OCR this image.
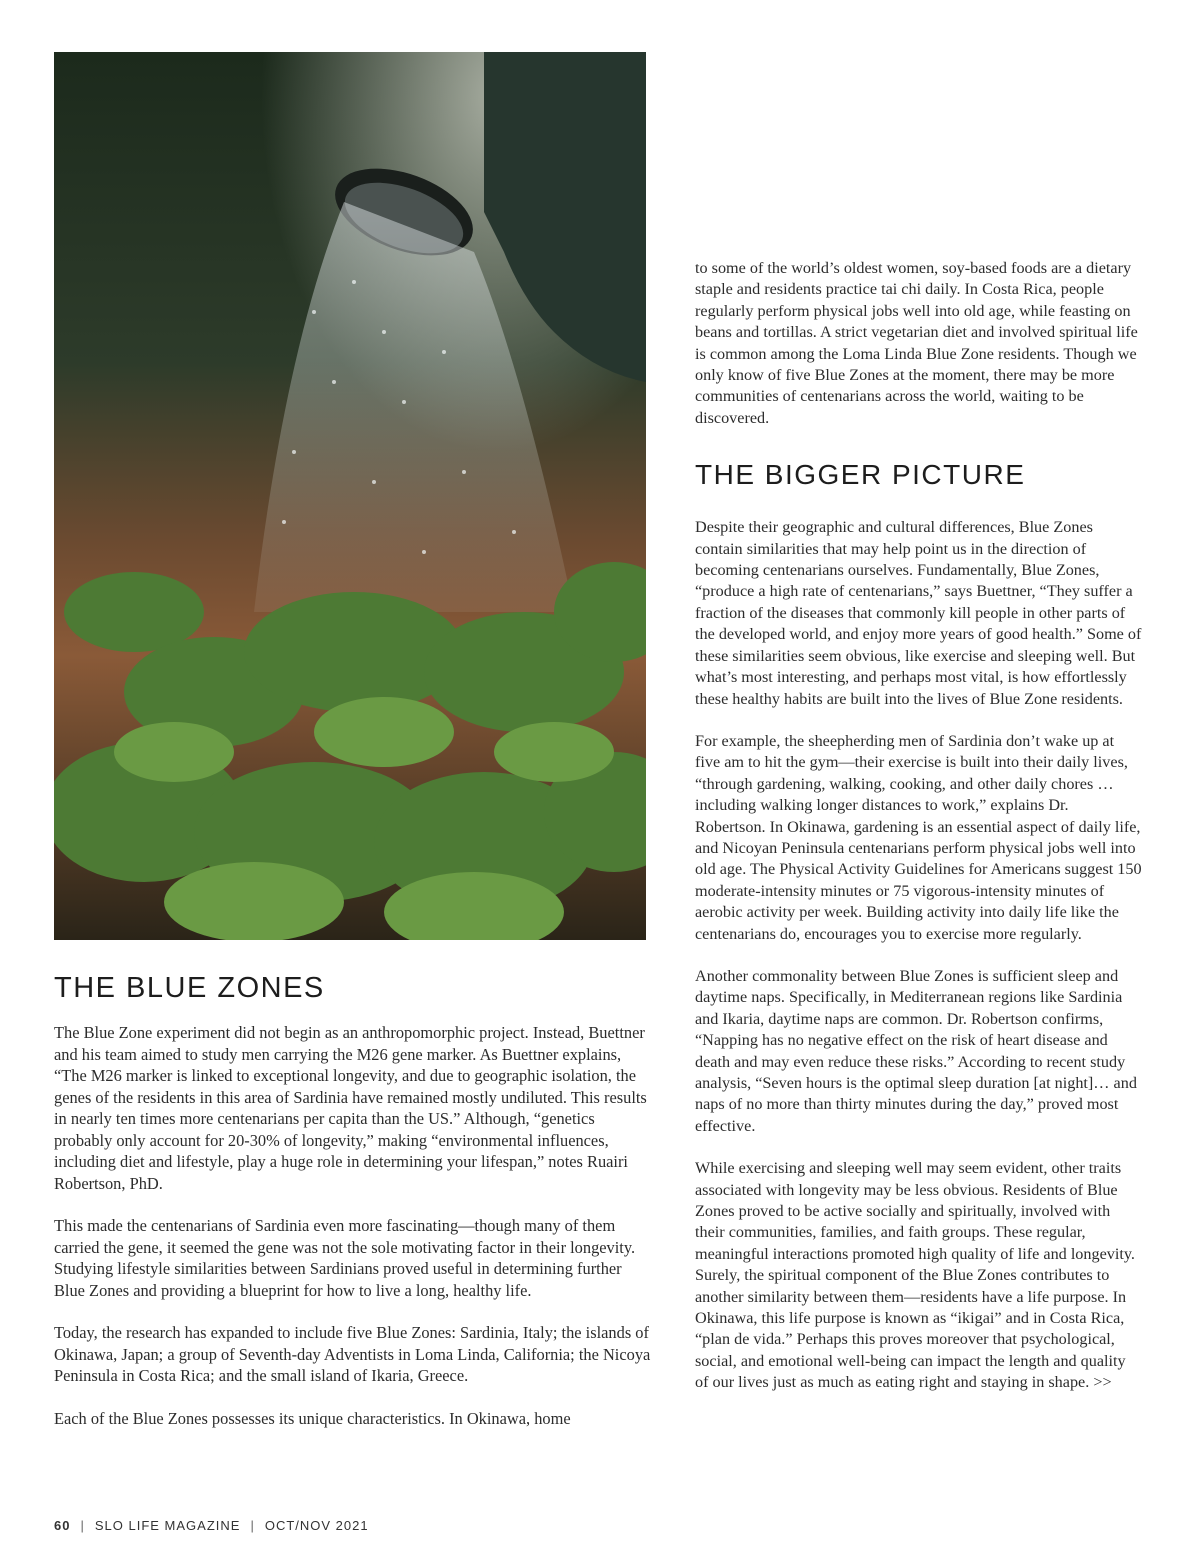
THE BLUE ZONES

The Blue Zone experiment did not begin as an anthropomorphic project. Instead, Buettner and his team aimed to study men carrying the M26 gene marker. As Buettner explains, “The M26 marker is linked to exceptional longevity, and due to geographic isolation, the genes of the residents in this area of Sardinia have remained mostly undiluted. This results in nearly ten times more centenarians per capita than the US.” Although, “genetics probably only account for 20-30% of longevity,” making “environmental influences, including diet and lifestyle, play a huge role in determining your lifespan,” notes Ruairi Robertson, PhD.

This made the centenarians of Sardinia even more fascinating—though many of them carried the gene, it seemed the gene was not the sole motivating factor in their longevity. Studying lifestyle similarities between Sardinians proved useful in determining further Blue Zones and providing a blueprint for how to live a long, healthy life.

Today, the research has expanded to include five Blue Zones: Sardinia, Italy; the islands of Okinawa, Japan; a group of Seventh-day Adventists in Loma Linda, California; the Nicoya Peninsula in Costa Rica; and the small island of Ikaria, Greece.

Each of the Blue Zones possesses its unique characteristics. In Okinawa, home

to some of the world’s oldest women, soy-based foods are a dietary staple and residents practice tai chi daily. In Costa Rica, people regularly perform physical jobs well into old age, while feasting on beans and tortillas. A strict vegetarian diet and involved spiritual life is common among the Loma Linda Blue Zone residents. Though we only know of five Blue Zones at the moment, there may be more communities of centenarians across the world, waiting to be discovered.

THE BIGGER PICTURE

Despite their geographic and cultural differences, Blue Zones contain similarities that may help point us in the direction of becoming centenarians ourselves. Fundamentally, Blue Zones, “produce a high rate of centenarians,” says Buettner, “They suffer a fraction of the diseases that commonly kill people in other parts of the developed world, and enjoy more years of good health.” Some of these similarities seem obvious, like exercise and sleeping well. But what’s most interesting, and perhaps most vital, is how effortlessly these healthy habits are built into the lives of Blue Zone residents.

For example, the sheepherding men of Sardinia don’t wake up at five am to hit the gym—their exercise is built into their daily lives, “through gardening, walking, cooking, and other daily chores … including walking longer distances to work,” explains Dr. Robertson. In Okinawa, gardening is an essential aspect of daily life, and Nicoyan Peninsula centenarians perform physical jobs well into old age. The Physical Activity Guidelines for Americans suggest 150 moderate-intensity minutes or 75 vigorous-intensity minutes of aerobic activity per week. Building activity into daily life like the centenarians do, encourages you to exercise more regularly.

Another commonality between Blue Zones is sufficient sleep and daytime naps. Specifically, in Mediterranean regions like Sardinia and Ikaria, daytime naps are common. Dr. Robertson confirms, “Napping has no negative effect on the risk of heart disease and death and may even reduce these risks.” According to recent study analysis, “Seven hours is the optimal sleep duration [at night]… and naps of no more than thirty minutes during the day,” proved most effective.

While exercising and sleeping well may seem evident, other traits associated with longevity may be less obvious. Residents of Blue Zones proved to be active socially and spiritually, involved with their communities, families, and faith groups. These regular, meaningful interactions promoted high quality of life and longevity. Surely, the spiritual component of the Blue Zones contributes to another similarity between them—residents have a life purpose. In Okinawa, this life purpose is known as “ikigai” and in Costa Rica, “plan de vida.” Perhaps this proves moreover that psychological, social, and emotional well-being can impact the length and quality of our lives just as much as eating right and staying in shape. >>

60 | SLO LIFE MAGAZINE | OCT/NOV 2021
